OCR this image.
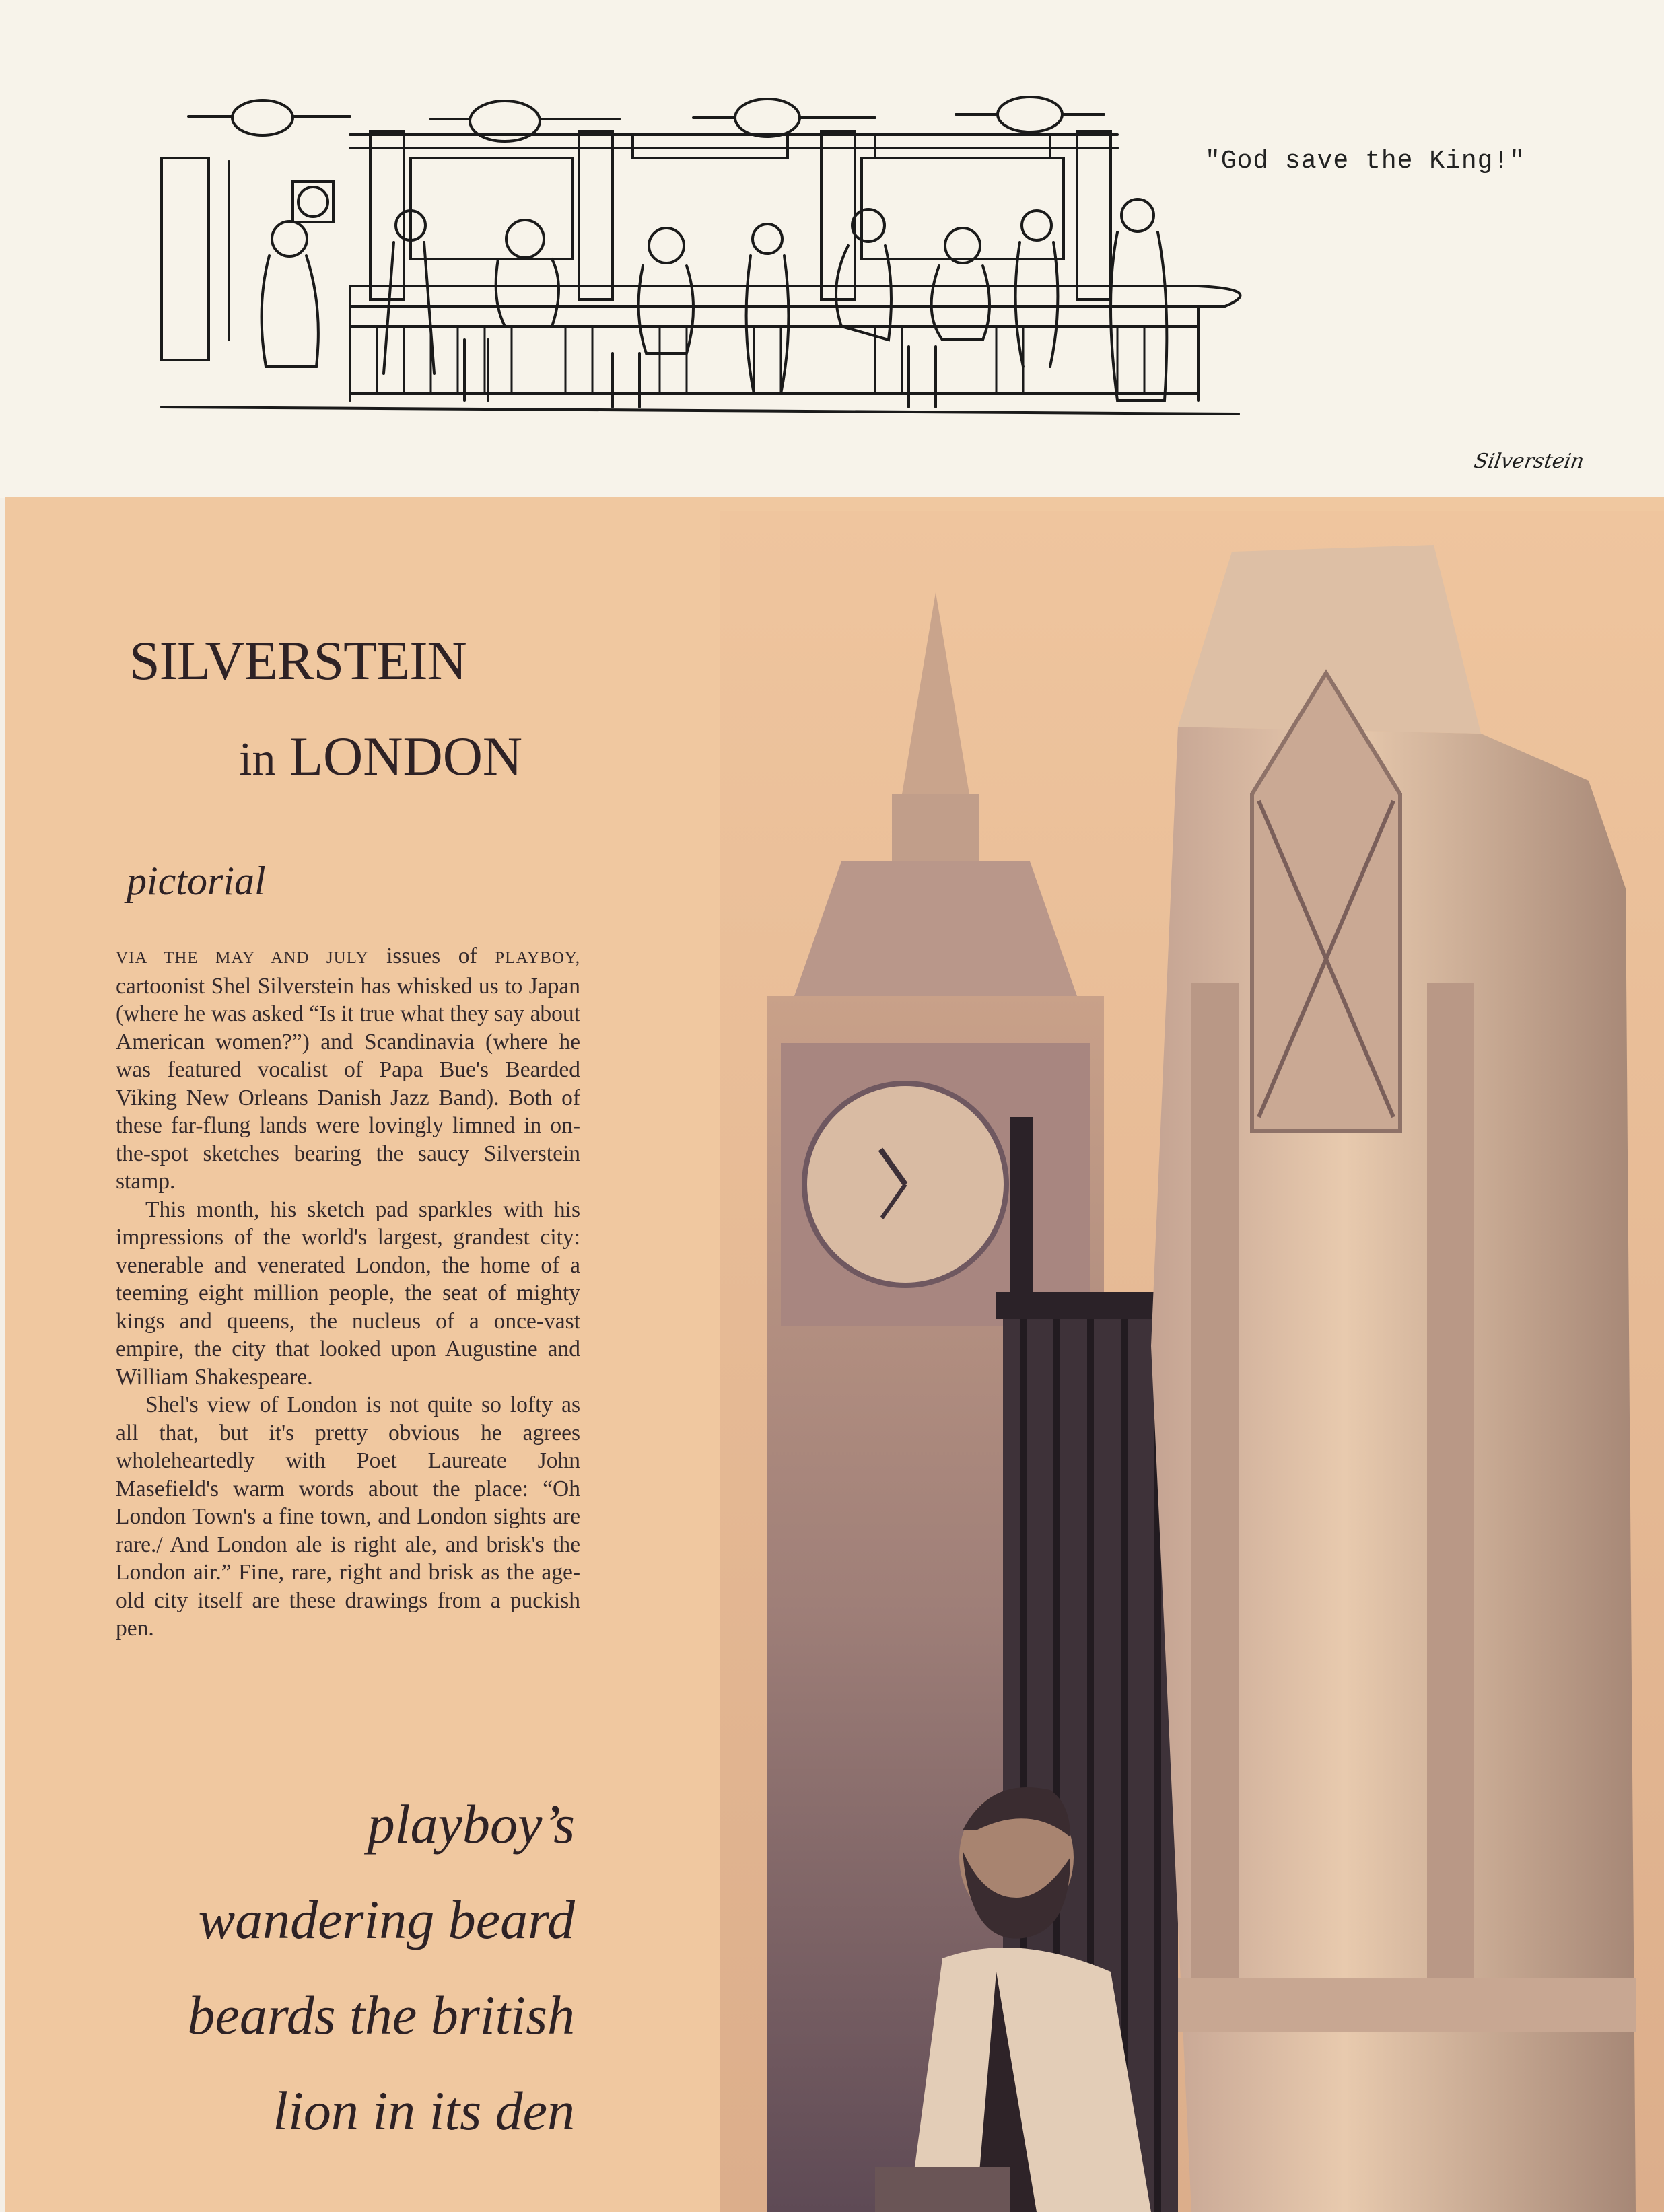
"God save the King!"
Silverstein
SILVERSTEIN
in LONDON
pictorial

VIA THE MAY AND JULY issues of PLAYBOY, cartoonist Shel Silverstein has whisked us to Japan (where he was asked “Is it true what they say about American women?”) and Scandinavia (where he was featured vocalist of Papa Bue's Bearded Viking New Orleans Danish Jazz Band). Both of these far-flung lands were lovingly limned in on-the-spot sketches bearing the saucy Silverstein stamp.

This month, his sketch pad sparkles with his impressions of the world's largest, grandest city: venerable and venerated London, the home of a teeming eight million people, the seat of mighty kings and queens, the nucleus of a once-vast empire, the city that looked upon Augustine and William Shakespeare.

Shel's view of London is not quite so lofty as all that, but it's pretty obvious he agrees wholeheartedly with Poet Laureate John Masefield's warm words about the place: “Oh London Town's a fine town, and London sights are rare./ And London ale is right ale, and brisk's the London air.” Fine, rare, right and brisk as the age-old city itself are these drawings from a puckish pen.

playboy’s
wandering beard
beards the british
lion in its den
